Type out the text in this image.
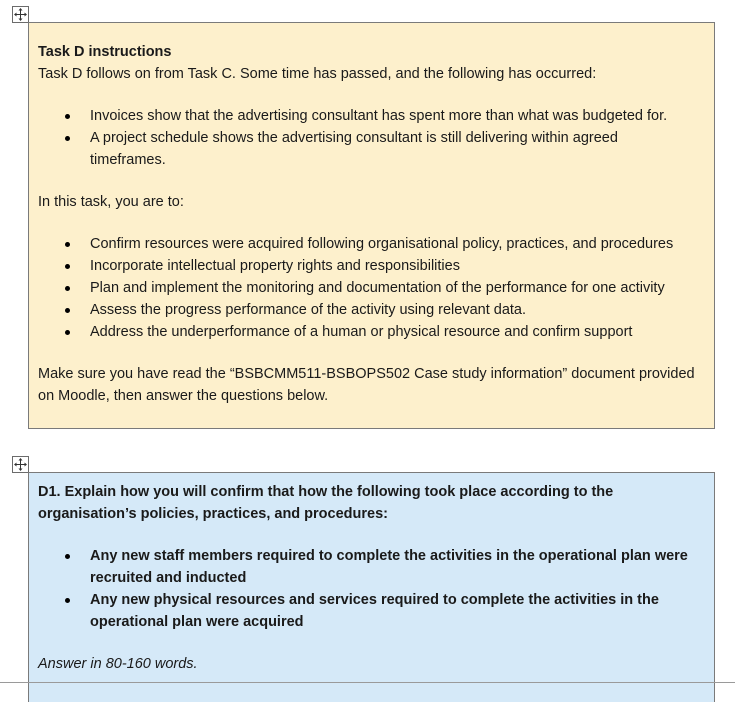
Task D instructions

Task D follows on from Task C. Some time has passed, and the following has occurred:

Invoices show that the advertising consultant has spent more than what was budgeted for.
A project schedule shows the advertising consultant is still delivering within agreed timeframes.

In this task, you are to:

Confirm resources were acquired following organisational policy, practices, and procedures
Incorporate intellectual property rights and responsibilities
Plan and implement the monitoring and documentation of the performance for one activity
Assess the progress performance of the activity using relevant data.
Address the underperformance of a human or physical resource and confirm support

Make sure you have read the “BSBCMM511-BSBOPS502 Case study information” document provided on Moodle, then answer the questions below.

D1. Explain how you will confirm that how the following took place according to the organisation’s policies, practices, and procedures:

Any new staff members required to complete the activities in the operational plan were recruited and inducted
Any new physical resources and services required to complete the activities in the operational plan were acquired

Answer in 80-160 words.
